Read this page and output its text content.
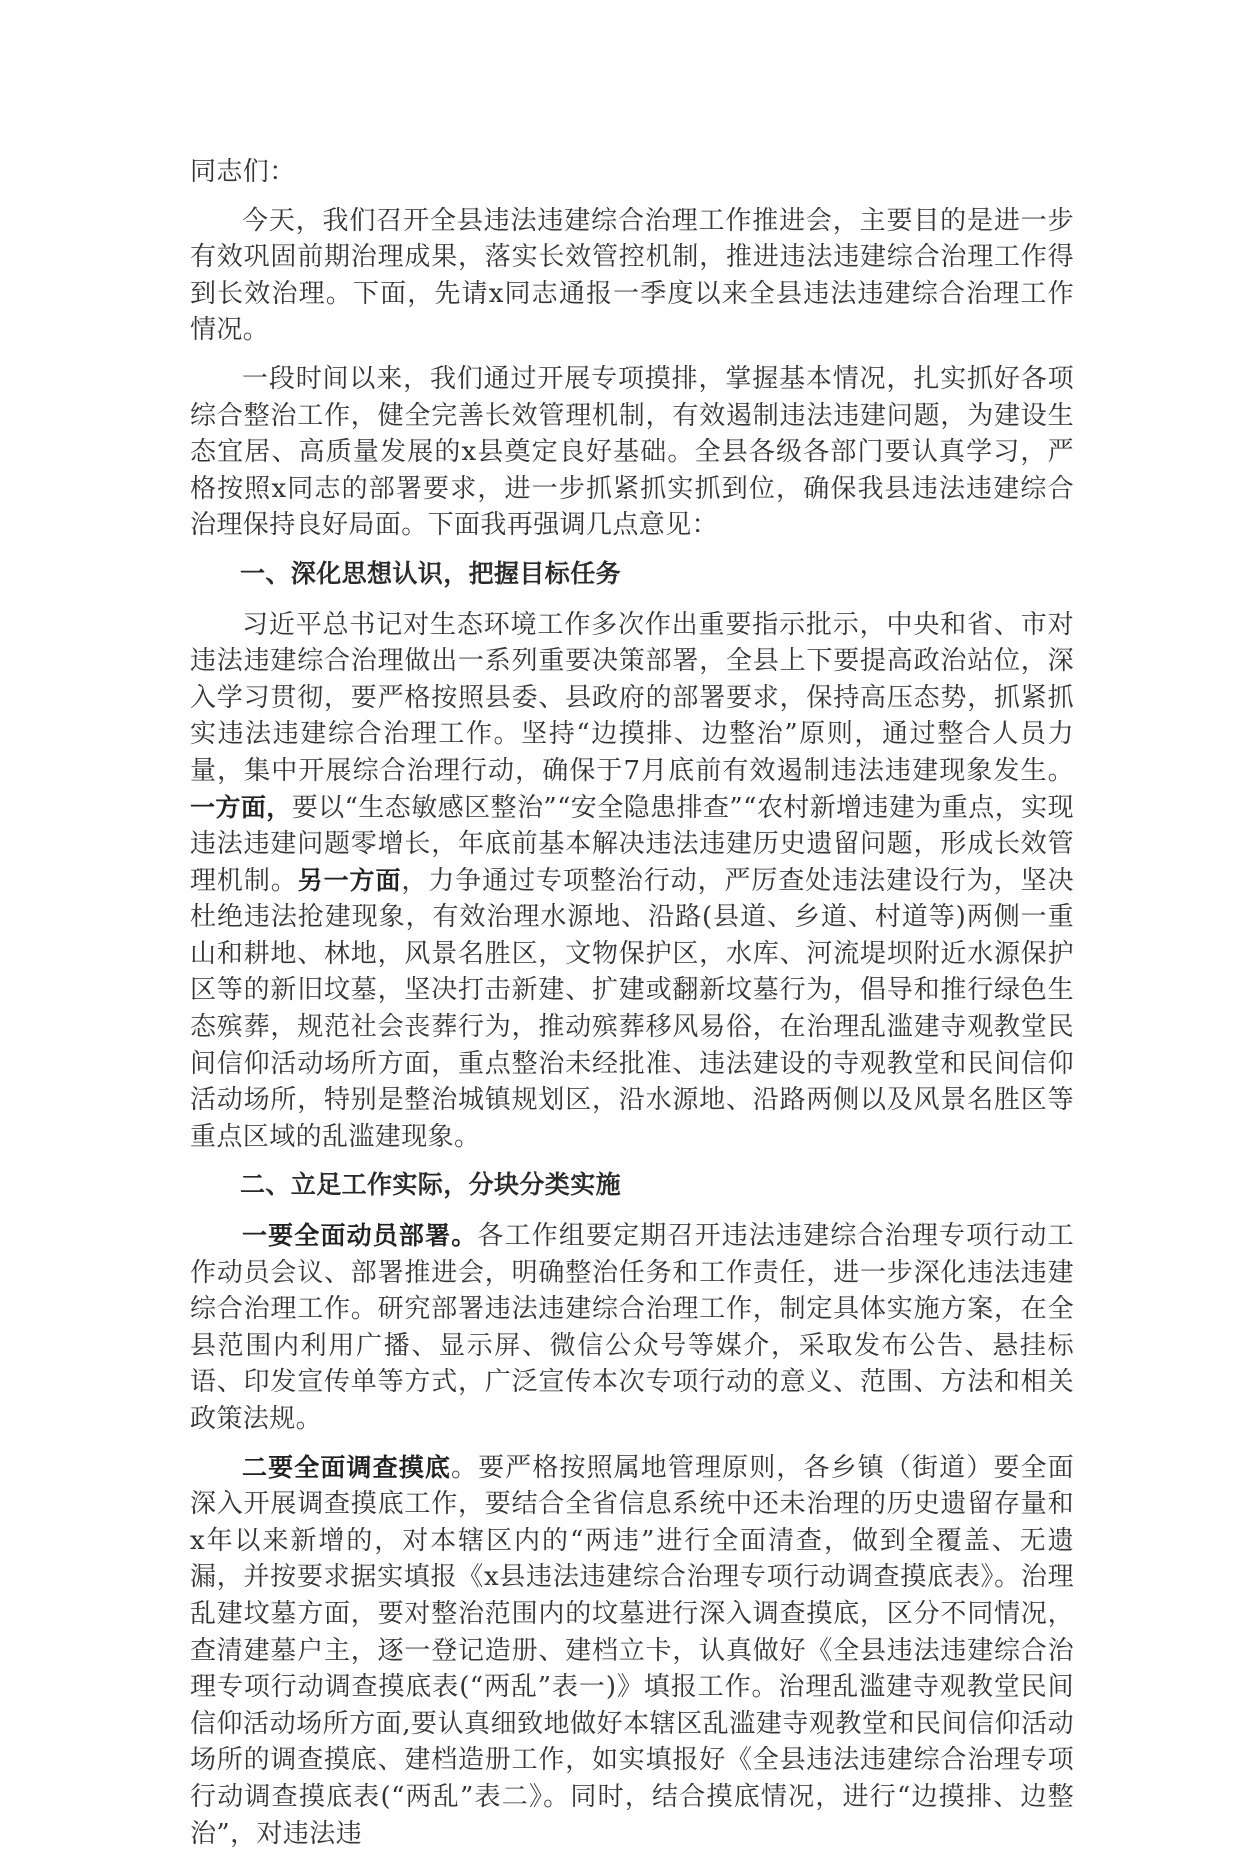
同志们：

今天，我们召开全县违法违建综合治理工作推进会，主要目的是进一步有效巩固前期治理成果，落实长效管控机制，推进违法违建综合治理工作得到长效治理。下面，先请x同志通报一季度以来全县违法违建综合治理工作情况。

一段时间以来，我们通过开展专项摸排，掌握基本情况，扎实抓好各项综合整治工作，健全完善长效管理机制，有效遏制违法违建问题，为建设生态宜居、高质量发展的x县奠定良好基础。全县各级各部门要认真学习，严格按照x同志的部署要求，进一步抓紧抓实抓到位，确保我县违法违建综合治理保持良好局面。下面我再强调几点意见：

一、深化思想认识，把握目标任务

习近平总书记对生态环境工作多次作出重要指示批示，中央和省、市对违法违建综合治理做出一系列重要决策部署，全县上下要提高政治站位，深入学习贯彻，要严格按照县委、县政府的部署要求，保持高压态势，抓紧抓实违法违建综合治理工作。坚持“边摸排、边整治”原则，通过整合人员力量，集中开展综合治理行动，确保于7月底前有效遏制违法违建现象发生。一方面，要以“生态敏感区整治”“安全隐患排查”“农村新增违建为重点，实现违法违建问题零增长，年底前基本解决违法违建历史遗留问题，形成长效管理机制。另一方面，力争通过专项整治行动，严厉查处违法建设行为，坚决杜绝违法抢建现象，有效治理水源地、沿路(县道、乡道、村道等)两侧一重山和耕地、林地，风景名胜区，文物保护区，水库、河流堤坝附近水源保护区等的新旧坟墓，坚决打击新建、扩建或翻新坟墓行为，倡导和推行绿色生态殡葬，规范社会丧葬行为，推动殡葬移风易俗，在治理乱滥建寺观教堂民间信仰活动场所方面，重点整治未经批准、违法建设的寺观教堂和民间信仰活动场所，特别是整治城镇规划区，沿水源地、沿路两侧以及风景名胜区等重点区域的乱滥建现象。

二、立足工作实际，分块分类实施

一要全面动员部署。各工作组要定期召开违法违建综合治理专项行动工作动员会议、部署推进会，明确整治任务和工作责任，进一步深化违法违建综合治理工作。研究部署违法违建综合治理工作，制定具体实施方案，在全县范围内利用广播、显示屏、微信公众号等媒介，采取发布公告、悬挂标语、印发宣传单等方式，广泛宣传本次专项行动的意义、范围、方法和相关政策法规。

二要全面调查摸底。要严格按照属地管理原则，各乡镇（街道）要全面深入开展调查摸底工作，要结合全省信息系统中还未治理的历史遗留存量和x年以来新增的，对本辖区内的“两违”进行全面清查，做到全覆盖、无遗漏，并按要求据实填报《x县违法违建综合治理专项行动调查摸底表》。治理乱建坟墓方面，要对整治范围内的坟墓进行深入调查摸底，区分不同情况，查清建墓户主，逐一登记造册、建档立卡，认真做好《全县违法违建综合治理专项行动调查摸底表(“两乱”表一)》填报工作。治理乱滥建寺观教堂民间信仰活动场所方面,要认真细致地做好本辖区乱滥建寺观教堂和民间信仰活动场所的调查摸底、建档造册工作，如实填报好《全县违法违建综合治理专项行动调查摸底表(“两乱”表二》。同时，结合摸底情况，进行“边摸排、边整治”，对违法违
